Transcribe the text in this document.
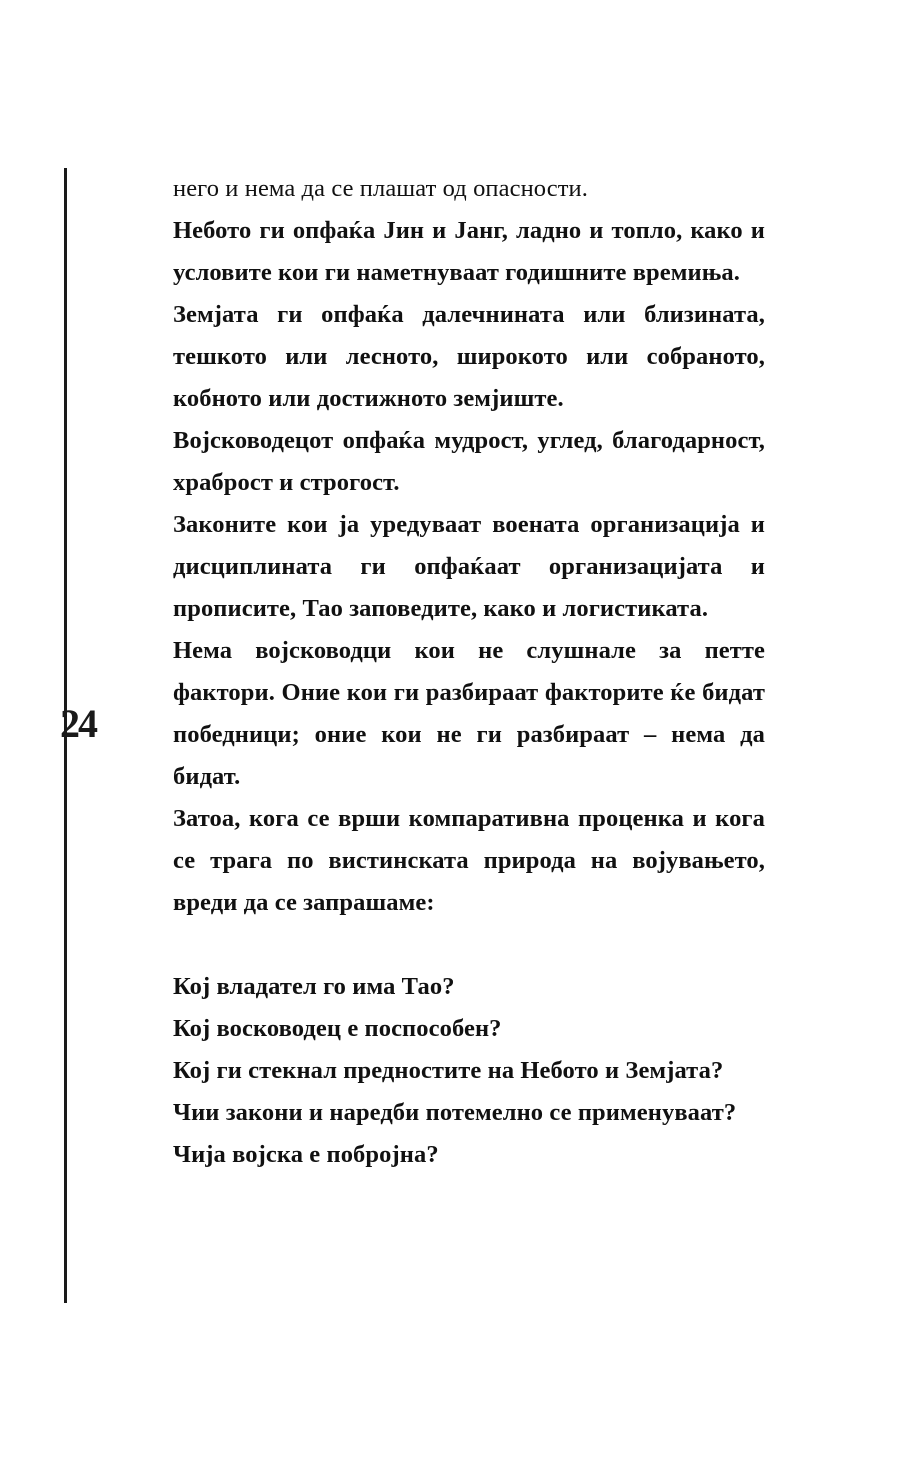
24

него и нема да се плашат од опасности.

Небото ги опфаќа Јин и Јанг, ладно и топло, како и условите кои ги наметнуваат годишните времиња.

Земјата ги опфаќа далечнината или близината, тешкото или лесното, широкото или собраното, кобното или достижното земјиште.

Војсководецот опфаќа мудрост, углед, благодарност, храброст и строгост.

Законите кои ја уредуваат воената организација и дисциплината ги опфаќаат организацијата и прописите, Тао заповедите, како и логистиката.

Нема војсководци кои не слушнале за петте фактори. Оние кои ги разбираат факторите ќе бидат победници; оние кои не ги разбираат – нема да бидат.

Затоа, кога се врши компаративна проценка и кога се трага по вистинската природа на војувањето, вреди да се запрашаме:

Кој владател го има Тао?

Кој восководец е поспособен?

Кој ги стекнал предностите на Небото и Земјата?

Чии закони и наредби потемелно се применуваат?

Чија војска е поброjна?
